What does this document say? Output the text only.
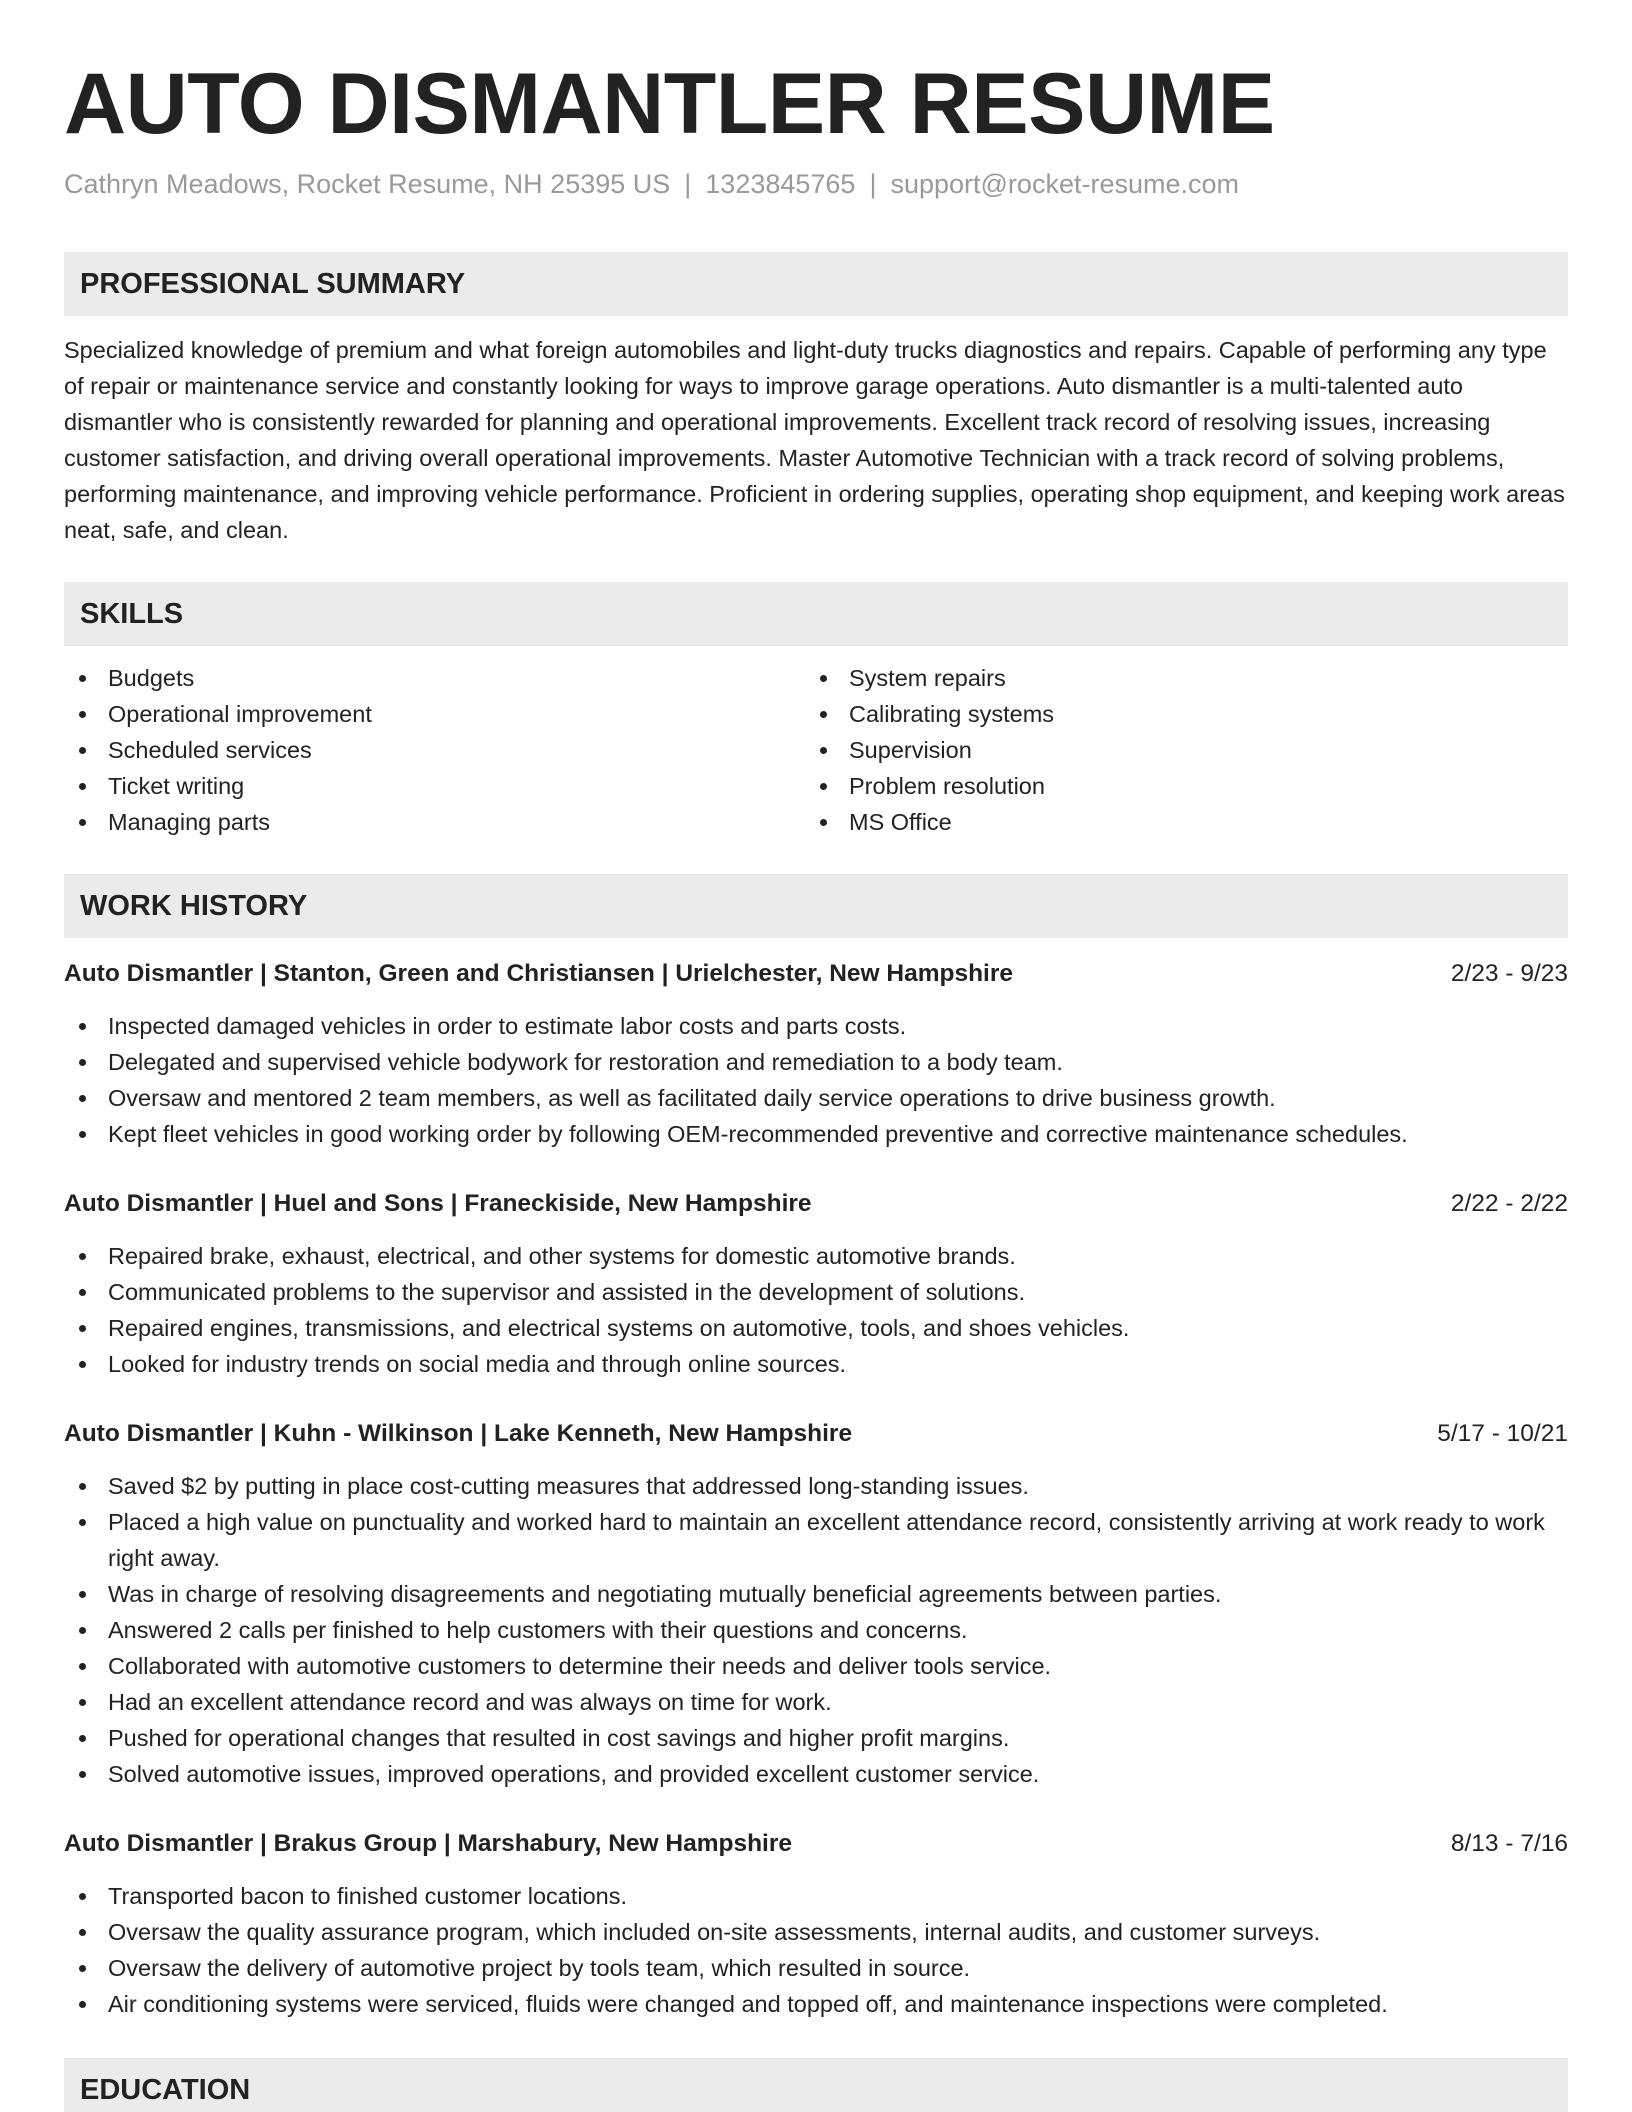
AUTO DISMANTLER RESUME
Cathryn Meadows, Rocket Resume, NH 25395 US | 1323845765 | support@rocket-resume.com
PROFESSIONAL SUMMARY

Specialized knowledge of premium and what foreign automobiles and light-duty trucks diagnostics and repairs. Capable of performing any type of repair or maintenance service and constantly looking for ways to improve garage operations. Auto dismantler is a multi-talented auto dismantler who is consistently rewarded for planning and operational improvements. Excellent track record of resolving issues, increasing customer satisfaction, and driving overall operational improvements. Master Automotive Technician with a track record of solving problems, performing maintenance, and improving vehicle performance. Proficient in ordering supplies, operating shop equipment, and keeping work areas neat, safe, and clean.

SKILLS
Budgets
Operational improvement
Scheduled services
Ticket writing
Managing parts
System repairs
Calibrating systems
Supervision
Problem resolution
MS Office
WORK HISTORY
Auto Dismantler | Stanton, Green and Christiansen | Urielchester, New Hampshire	2/23 - 9/23
Inspected damaged vehicles in order to estimate labor costs and parts costs.
Delegated and supervised vehicle bodywork for restoration and remediation to a body team.
Oversaw and mentored 2 team members, as well as facilitated daily service operations to drive business growth.
Kept fleet vehicles in good working order by following OEM-recommended preventive and corrective maintenance schedules.
Auto Dismantler | Huel and Sons | Franeckiside, New Hampshire	2/22 - 2/22
Repaired brake, exhaust, electrical, and other systems for domestic automotive brands.
Communicated problems to the supervisor and assisted in the development of solutions.
Repaired engines, transmissions, and electrical systems on automotive, tools, and shoes vehicles.
Looked for industry trends on social media and through online sources.
Auto Dismantler | Kuhn - Wilkinson | Lake Kenneth, New Hampshire	5/17 - 10/21
Saved $2 by putting in place cost-cutting measures that addressed long-standing issues.
Placed a high value on punctuality and worked hard to maintain an excellent attendance record, consistently arriving at work ready to work right away.
Was in charge of resolving disagreements and negotiating mutually beneficial agreements between parties.
Answered 2 calls per finished to help customers with their questions and concerns.
Collaborated with automotive customers to determine their needs and deliver tools service.
Had an excellent attendance record and was always on time for work.
Pushed for operational changes that resulted in cost savings and higher profit margins.
Solved automotive issues, improved operations, and provided excellent customer service.
Auto Dismantler | Brakus Group | Marshabury, New Hampshire	8/13 - 7/16
Transported bacon to finished customer locations.
Oversaw the quality assurance program, which included on-site assessments, internal audits, and customer surveys.
Oversaw the delivery of automotive project by tools team, which resulted in source.
Air conditioning systems were serviced, fluids were changed and topped off, and maintenance inspections were completed.
EDUCATION
